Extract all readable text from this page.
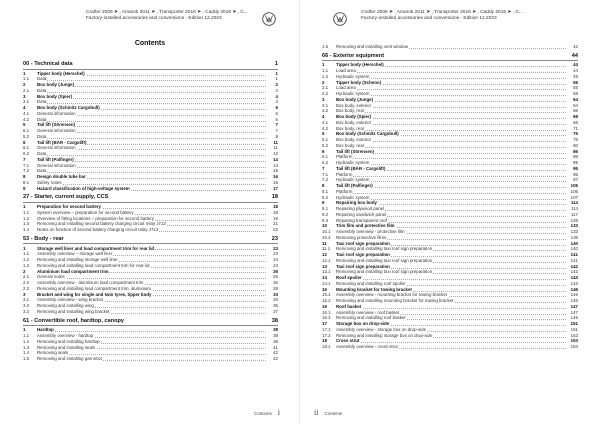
Crafter 2006 ➤ , Amarok 2011 ➤ , Transporter 2016 ➤ , Caddy 2016 ➤ , C...
Factory-installed accessories and conversions - Edition 12.2023
Contents
00 - Technical data	1
1	Tipper body (Herschel)	1
1.1	Data	1
2	Box body (Junge)	2
2.1	Data	2
3	Box body (Spier)	4
3.1	Data	4
4	Box body (Schmitz Cargobull)	6
4.1	General information	6
4.2	Data	6
5	Tail lift (Sörensen)	7
5.1	General information	7
5.2	Data	8
6	Tail lift (BÄR - Cargolift)	11
6.1	General information	11
6.2	Data	12
7	Tail lift (Palfinger)	14
7.1	General information	14
7.2	Data	15
8	Design double tube bar	16
8.1	Safety notes	16
9	Hazard classification of high-voltage system	17
27 - Starter, current supply, CCS	18
1	Preparation for second battery	18
1.1	System overview – preparation for second battery	18
1.2	Overview of fitting locations – preparation for second battery	19
1.3	Removing and installing second battery charging circuit relay J713	21
1.4	Notes on function of second battery charging circuit relay J713	22
53 - Body - rear	23
1	Storage well liner and load compartment trim for rear lid	23
1.1	Assembly overview – storage well liner	23
1.2	Removing and installing storage well liner	24
1.3	Removing and installing load compartment trim for rear lid	24
2	Aluminium load compartment trim	26
2.1	General notes	26
2.2	Assembly overview - aluminium load compartment trim	26
2.3	Removing and installing load compartment trim, aluminium	28
3	Bracket and wing for single and twin tyres, tipper body	33
3.1	Assembly overview - wing bracket	33
3.2	Removing and installing wing	35
3.3	Removing and installing wing bracket	37
61 - Convertible roof, hardtop, canopy	38
1	Hardtop	38
1.1	Assembly overview - hardtop	38
1.2	Removing and installing hardtop	39
1.3	Removing and installing seals	41
1.4	Removing seals	42
1.5	Removing and installing gas strut	42
Contents i
Crafter 2006 ➤ , Amarok 2011 ➤ , Transporter 2016 ➤ , Caddy 2016 ➤ , C...
Factory-installed accessories and conversions - Edition 12.2023
1.6	Removing and installing vent window	42
66 - Exterior equipment	44
1	Tipper body (Herschel)	44
1.1	Load area	44
1.2	Hydraulic system	49
2	Tipper body (Scheon)	55
2.1	Load area	55
2.2	Hydraulic system	58
3	Box body (Junge)	64
3.1	Box body, exterior	64
3.2	Box body, rear	66
4	Box body (Spier)	68
4.1	Box body, exterior	68
4.2	Box body, rear	71
5	Box body (Schmitz Cargobull)	75
5.1	Box body, exterior	75
5.2	Box body, rear	80
6	Tail lift (Sörensen)	86
6.1	Platform	86
6.2	Hydraulic system	89
7	Tail lift (BÄR - Cargolift)	95
7.1	Platform	95
7.2	Hydraulic system	97
8	Tail lift (Palfinger)	105
8.1	Platform	105
8.2	Hydraulic system	107
9	Repairing box body	114
9.1	Repairing plywood panel	114
9.2	Repairing sandwich panel	117
9.3	Repairing transparent roof	129
10	Trim film and protective film	133
10.1	Assembly overview - protective film	133
10.2	Removing protective films	135
11	Taxi roof sign preparation	140
11.1	Removing and installing taxi roof sign preparation	140
12	Taxi roof sign preparation	141
12.1	Removing and installing taxi roof sign preparation	141
13	Taxi roof sign preparation	142
13.1	Removing and installing taxi roof sign preparation	142
14	Roof spoiler	143
14.1	Removing and installing roof spoiler	143
15	Mounting bracket for towing bracket	146
15.1	Assembly overview - mounting bracket for towing bracket	146
15.2	Removing and installing mounting bracket for towing bracket	146
16	Roof basket	147
16.1	Assembly overview - roof basket	147
16.2	Removing and installing roof basket	149
17	Storage box on drop-side	151
17.1	Assembly overview - storage box on drop-side	151
17.2	Removing and installing storage box on drop-side	152
18	Cross strut	153
18.1	Assembly overview - cross strut	153
ii Contents
